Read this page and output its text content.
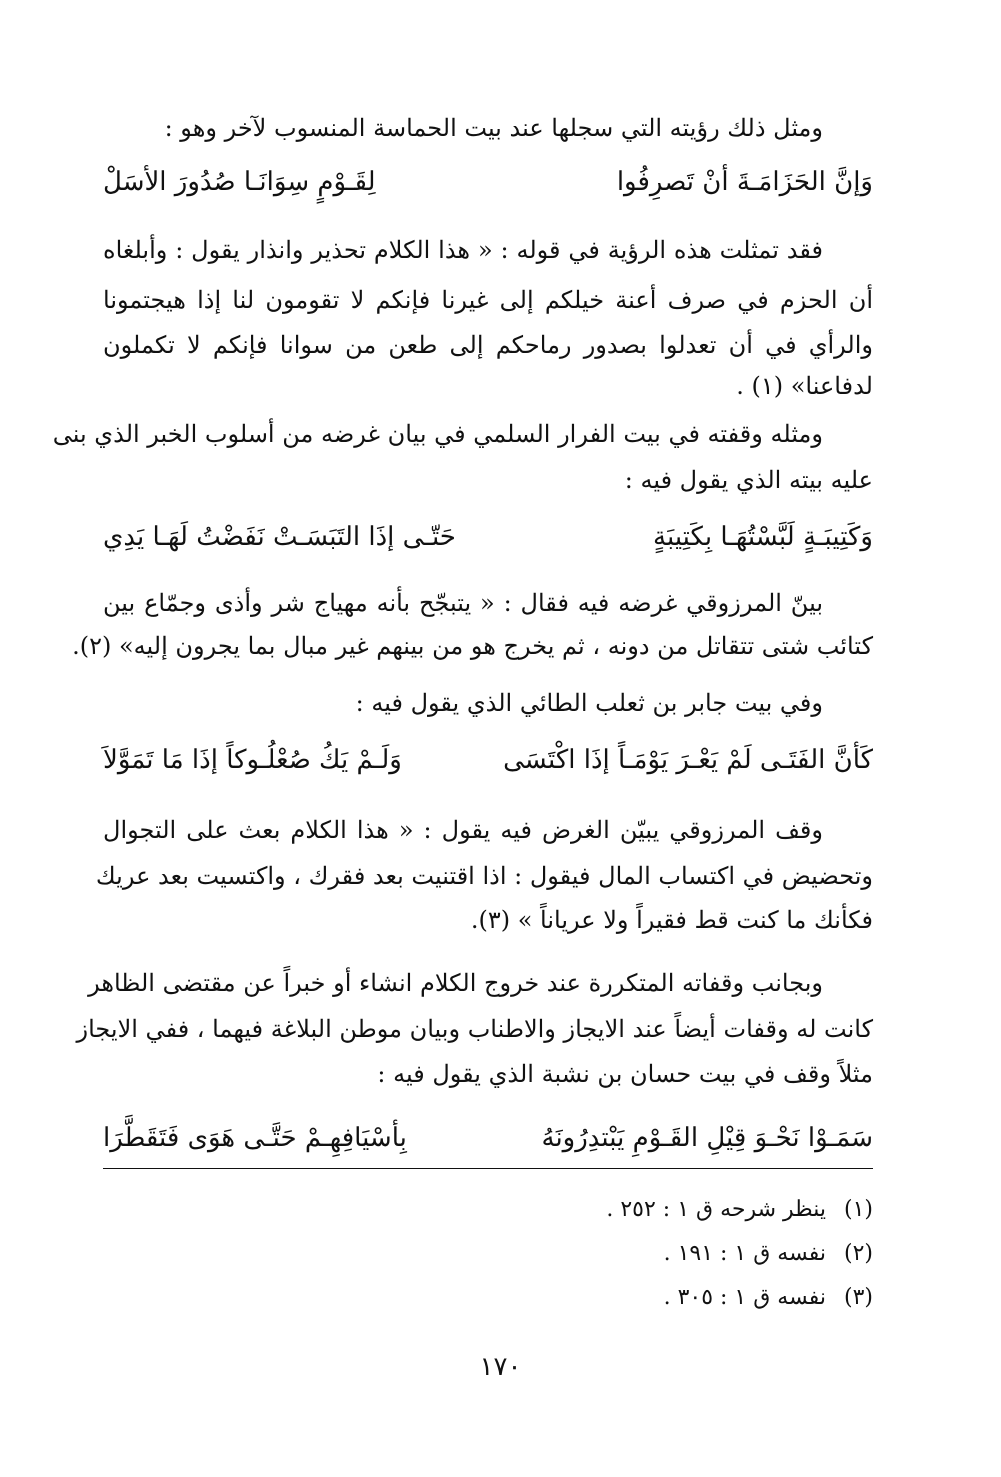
ومثل ذلك رؤيته التي سجلها عند بيت الحماسة المنسوب لآخر وهو :
وَإنَّ الحَزَامَـةَ أنْ تَصرِفُوا
لِقَـوْمٍ سِوَانَـا صُدُورَ الأسَلْ
فقد تمثلت هذه الرؤية في قوله : « هذا الكلام تحذير وانذار يقول : وأبلغاه
أن الحزم في صرف أعنة خيلكم إلى غيرنا فإنكم لا تقومون لنا إذا هيجتمونا
والرأي في أن تعدلوا بصدور رماحكم إلى طعن من سوانا فإنكم لا تكملون
لدفاعنا» (١) .
ومثله وقفته في بيت الفرار السلمي في بيان غرضه من أسلوب الخبر الذي بنى
عليه بيته الذي يقول فيه :
وَكَتِيبَـةٍ لَبَّسْتُهَـا بِكَتِيبَةٍ
حَتّـى إذَا التَبَسَـتْ نَفَضْتُ لَهَـا يَدِي
بينّ المرزوقي غرضه فيه فقال : « يتبجّح بأنه مهياج شر وأذى وجمّاع بين
كتائب شتى تتقاتل من دونه ، ثم يخرج هو من بينهم غير مبال بما يجرون إليه» (٢).
وفي بيت جابر بن ثعلب الطائي الذي يقول فيه :
كَأنَّ الفَتَـى لَمْ يَعْـرَ يَوْمَـاً إذَا اكْتَسَى
وَلَـمْ يَكُ صُعْلُـوكاً إذَا مَا تَمَوَّلاَ
وقف المرزوقي يبيّن الغرض فيه يقول : « هذا الكلام بعث على التجوال
وتحضيض في اكتساب المال فيقول : اذا اقتنيت بعد فقرك ، واكتسيت بعد عريك
فكأنك ما كنت قط فقيراً ولا عرياناً » (٣).
وبجانب وقفاته المتكررة عند خروج الكلام انشاء أو خبراً عن مقتضى الظاهر
كانت له وقفات أيضاً عند الايجاز والاطناب وبيان موطن البلاغة فيهما ، ففي الايجاز
مثلاً وقف في بيت حسان بن نشبة الذي يقول فيه :
سَمَـوْا نَحْـوَ قِيْلِ القَـوْمِ يَبْتدِرُونَهُ
بِأسْيَافِهِـمْ حَتَّـى هَوَى فَتَقَطَّرَا
(١)ينظر شرحه ق ١ : ٢٥٢ .
(٢)نفسه ق ١ : ١٩١ .
(٣)نفسه ق ١ : ٣٠٥ .
١٧٠
